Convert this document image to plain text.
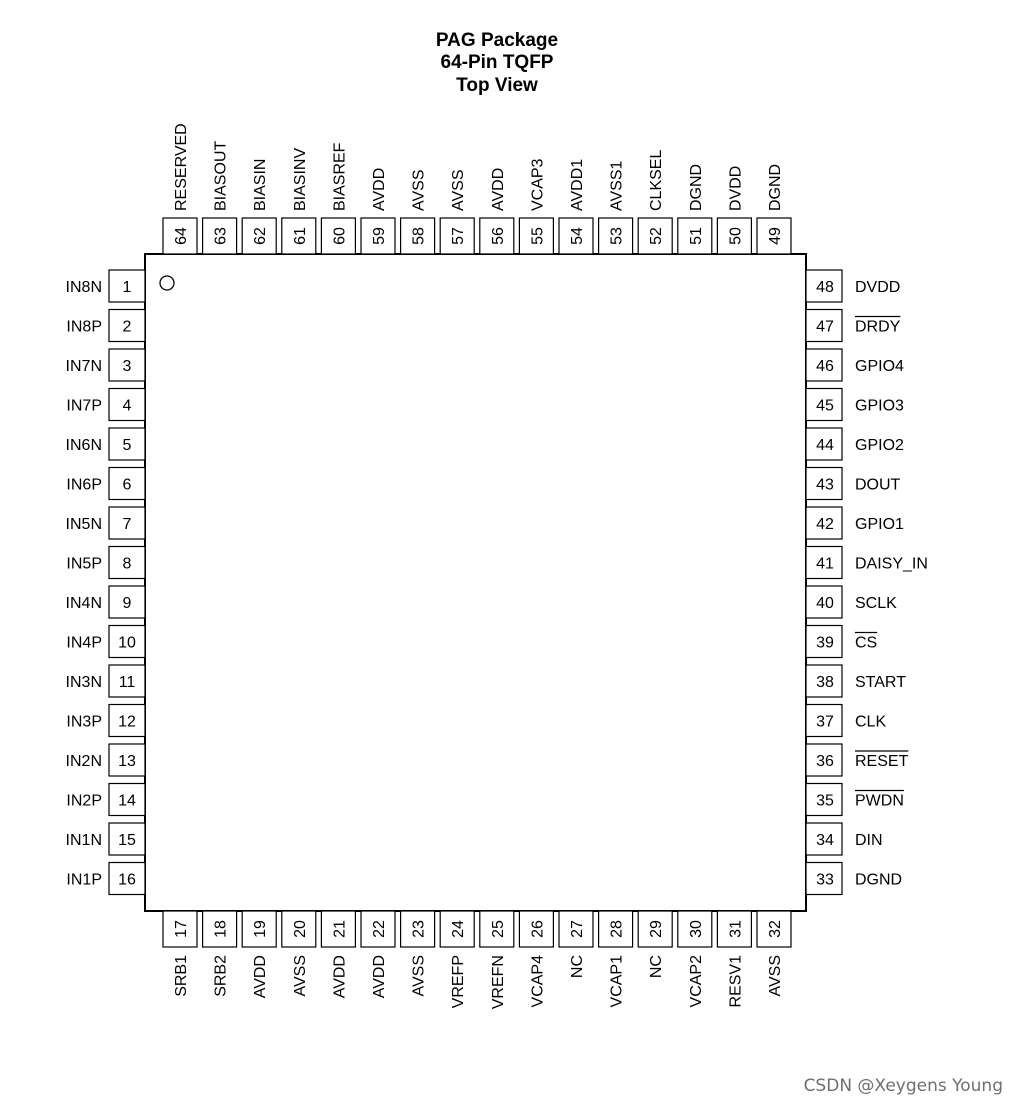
PAG Package
64-Pin TQFP
Top View
1
IN8N
2
IN8P
3
IN7N
4
IN7P
5
IN6N
6
IN6P
7
IN5N
8
IN5P
9
IN4N
10
IN4P
11
IN3N
12
IN3P
13
IN2N
14
IN2P
15
IN1N
16
IN1P
48 DVDD
47 DRDY
46 GPIO4
45 GPIO3
44 GPIO2
43 DOUT
42 GPIO1
41 DAISY_IN
40 SCLK
39 CS
38 START
37 CLK
36 RESET
35 PWDN
34 DIN
33 DGND
64
RESERVED
63
BIASOUT
62
BIASIN
61
BIASINV
60
BIASREF
59
AVDD
58
AVSS
57
AVSS
56
AVDD
55
VCAP3
54
AVDD1
53
AVSS1
52
CLKSEL
51
DGND
50
DVDD
49
DGND
17
SRB1
18
SRB2
19
AVDD
20
AVSS
21
AVDD
22
AVDD
23
AVSS
24
VREFP
25
VREFN
26
VCAP4
27
NC
28
VCAP1
29
NC
30
VCAP2
31
RESV1
32
AVSS
CSDN @Xeygens Young
